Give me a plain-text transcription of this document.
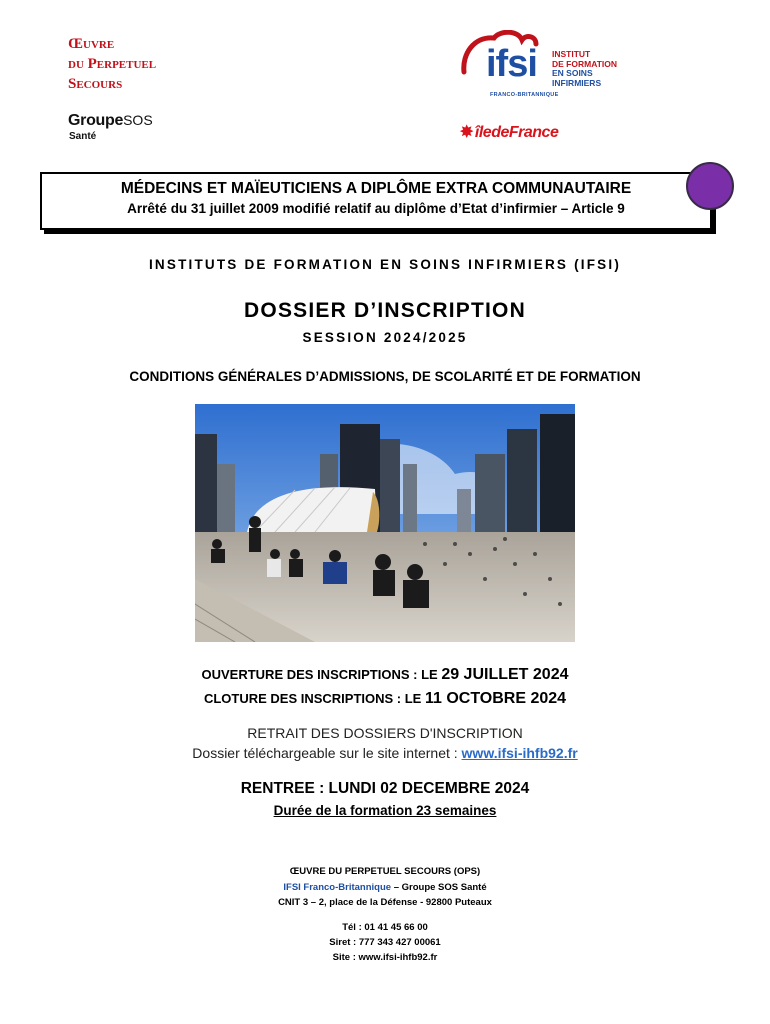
Œuvre
du Perpetuel
Secours
GroupeSOS
Santé
ifsi INSTITUT
DE FORMATION
EN SOINS
INFIRMIERS
FRANCO-BRITANNIQUE
✸ îledeFrance
MÉDECINS ET MAÏEUTICIENS A DIPLÔME EXTRA COMMUNAUTAIRE
Arrêté du 31 juillet 2009 modifié relatif au diplôme d’Etat d’infirmier – Article 9
INSTITUTS DE FORMATION EN SOINS INFIRMIERS (IFSI)
DOSSIER D’INSCRIPTION
SESSION 2024/2025
CONDITIONS GÉNÉRALES D’ADMISSIONS, DE SCOLARITÉ ET DE FORMATION
OUVERTURE DES INSCRIPTIONS : LE 29 JUILLET 2024
CLOTURE DES INSCRIPTIONS : LE 11 OCTOBRE 2024
RETRAIT DES DOSSIERS D'INSCRIPTION
Dossier téléchargeable sur le site internet : www.ifsi-ihfb92.fr
RENTREE : LUNDI 02 DECEMBRE 2024
Durée de la formation 23 semaines
ŒUVRE DU PERPETUEL SECOURS (OPS)
IFSI Franco-Britannique – Groupe SOS Santé
CNIT 3 – 2, place de la Défense - 92800 Puteaux
Tél : 01 41 45 66 00
Siret : 777 343 427 00061
Site : www.ifsi-ihfb92.fr
